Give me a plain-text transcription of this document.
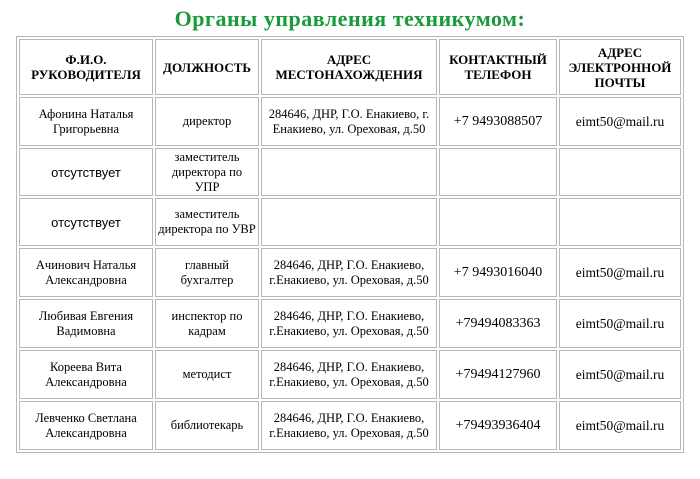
Органы управления техникумом:
Ф.И.О. РУКОВОДИТЕЛЯ	ДОЛЖНОСТЬ	АДРЕС МЕСТОНАХОЖДЕНИЯ	КОНТАКТНЫЙ ТЕЛЕФОН	АДРЕС ЭЛЕКТРОННОЙ ПОЧТЫ
Афонина Наталья Григорьевна	директор	284646, ДНР, Г.О. Енакиево, г. Енакиево, ул. Ореховая, д.50	+7 9493088507	eimt50@mail.ru
отсутствует	заместитель директора по УПР			
отсутствует	заместитель директора по УВР			
Ачинович Наталья Александровна	главный бухгалтер	284646, ДНР, Г.О. Енакиево, г.Енакиево, ул. Ореховая, д.50	+7 9493016040	eimt50@mail.ru
Любивая Евгения Вадимовна	инспектор по кадрам	284646, ДНР, Г.О. Енакиево, г.Енакиево, ул. Ореховая, д.50	+79494083363	eimt50@mail.ru
Кореева Вита Александровна	методист	284646, ДНР, Г.О. Енакиево, г.Енакиево, ул. Ореховая, д.50	+79494127960	eimt50@mail.ru
Левченко Светлана Александровна	библиотекарь	284646, ДНР, Г.О. Енакиево, г.Енакиево, ул. Ореховая, д.50	+79493936404	eimt50@mail.ru
